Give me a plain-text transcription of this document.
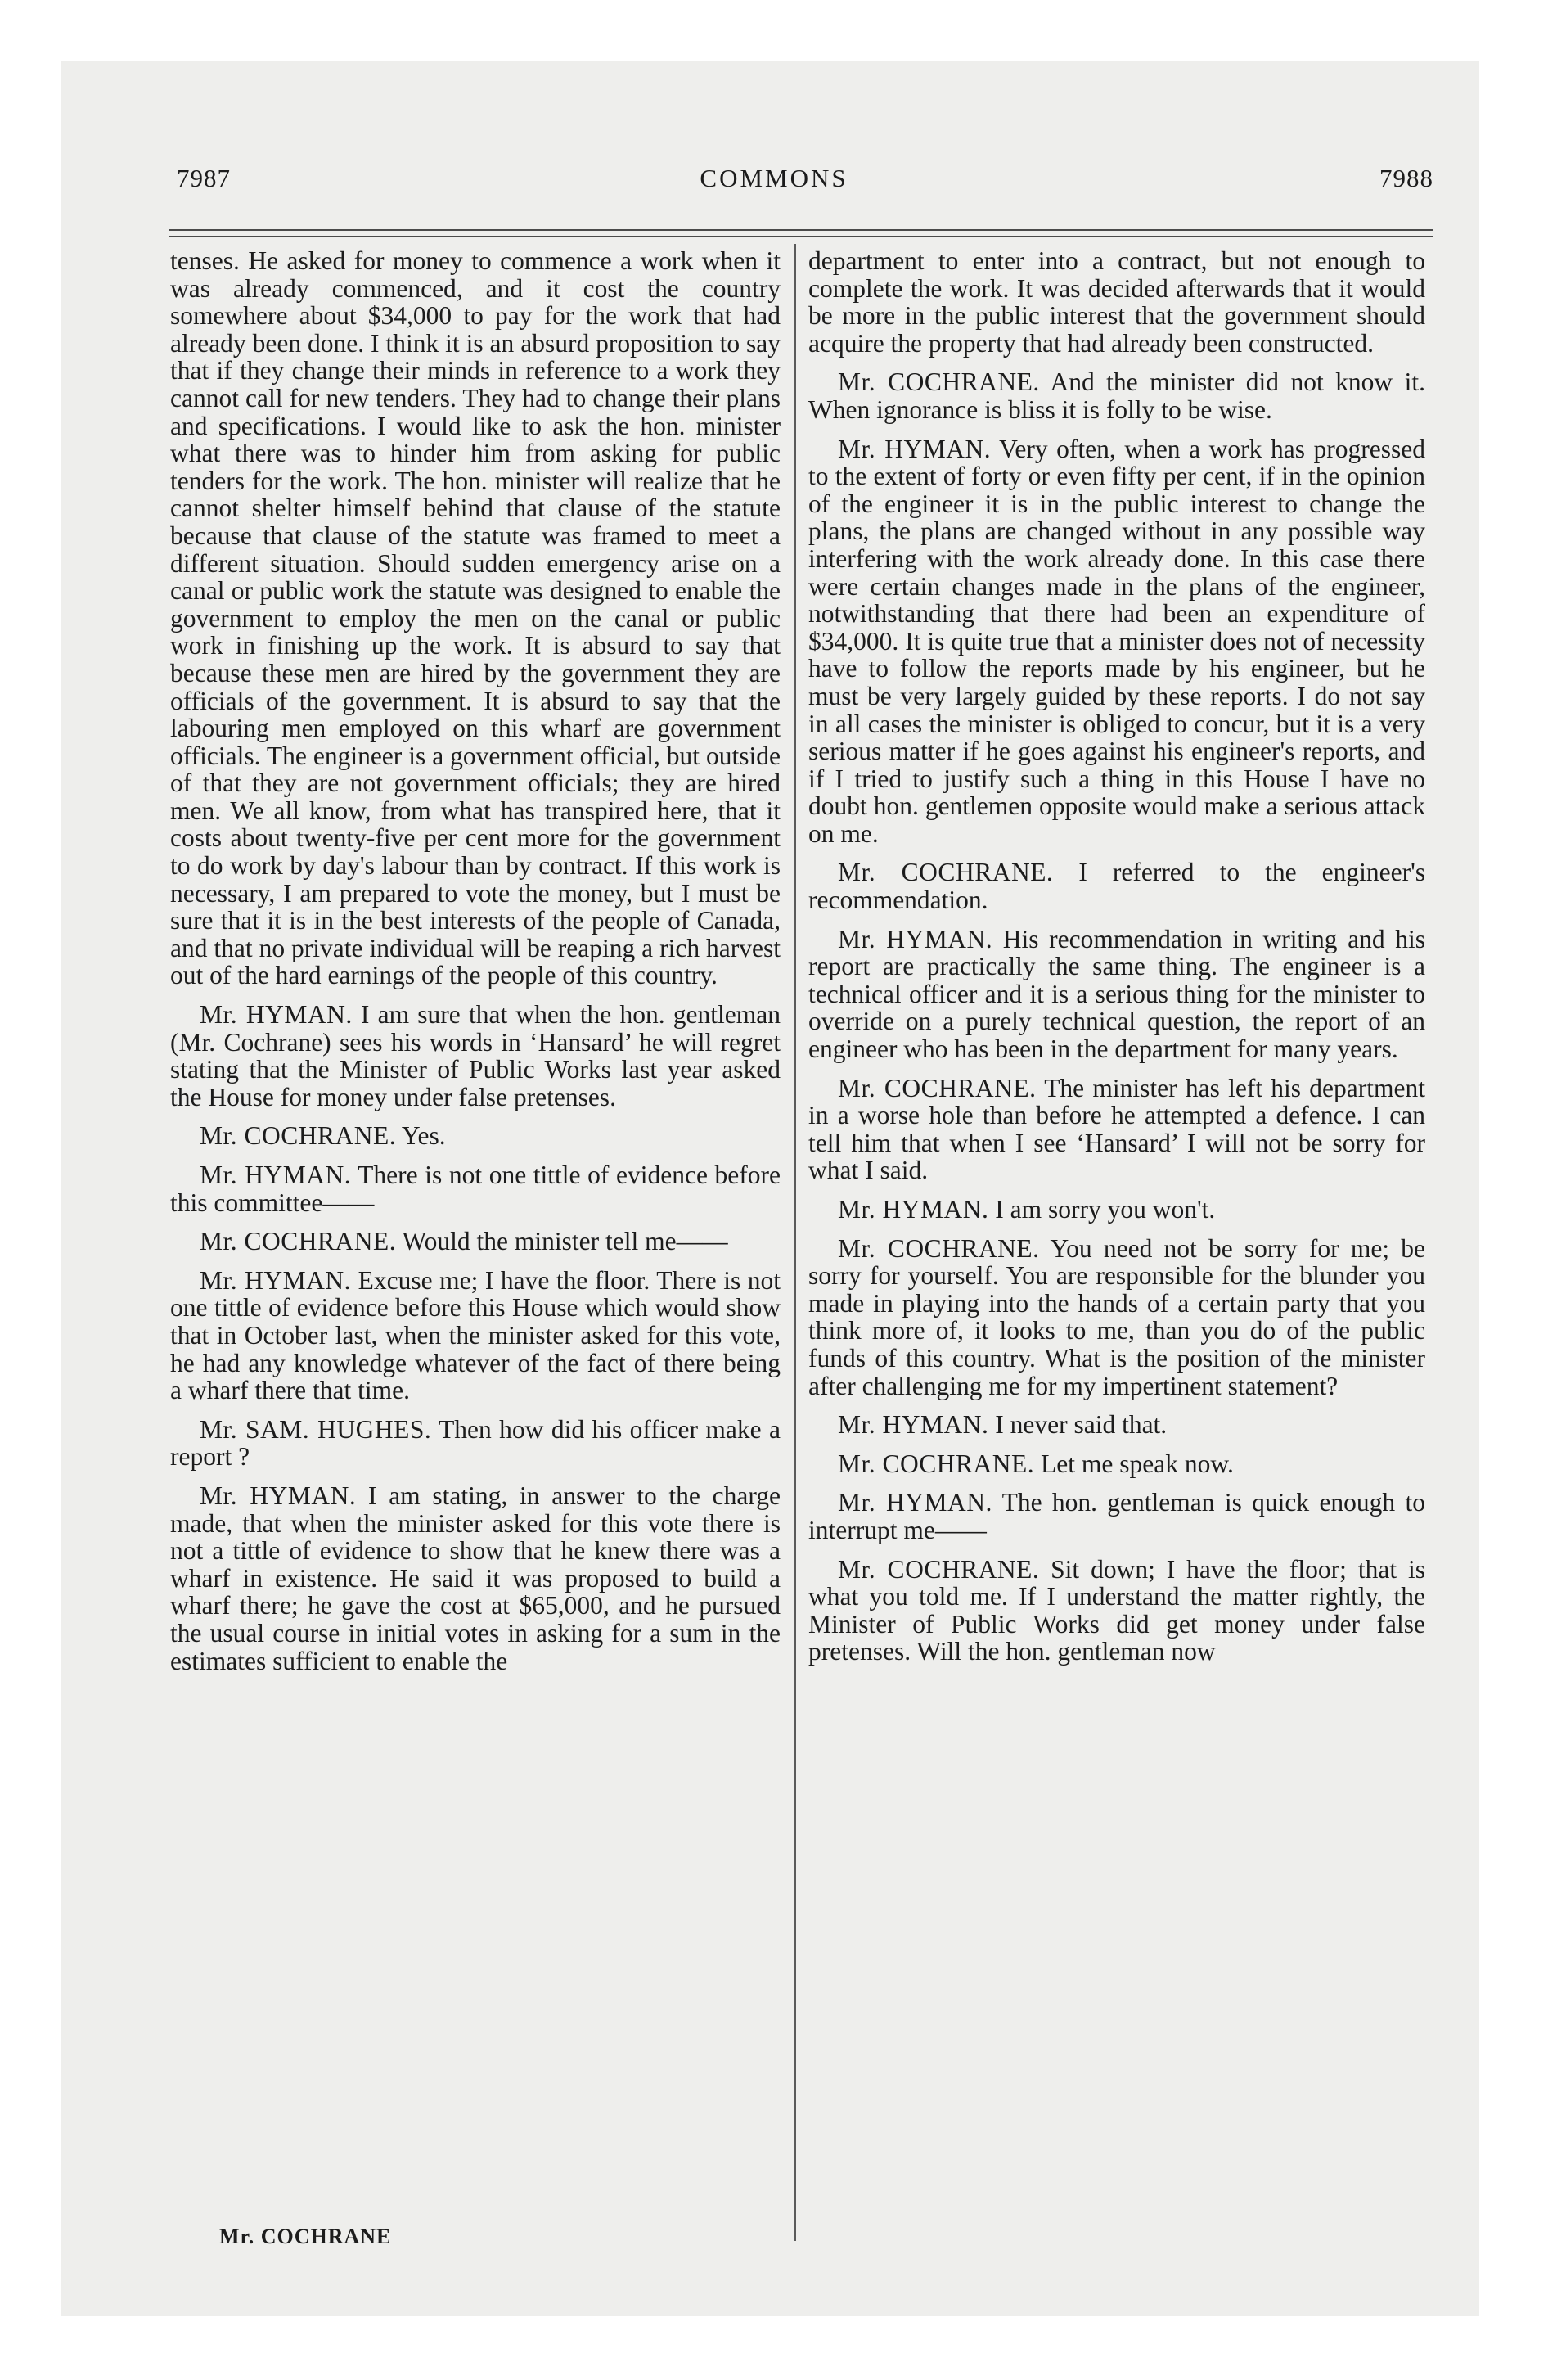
7987	COMMONS	7988

tenses. He asked for money to commence a work when it was already commenced, and it cost the country somewhere about $34,000 to pay for the work that had already been done. I think it is an absurd proposition to say that if they change their minds in reference to a work they cannot call for new tenders. They had to change their plans and specifications. I would like to ask the hon. minister what there was to hinder him from asking for public tenders for the work. The hon. minister will realize that he cannot shelter himself behind that clause of the statute because that clause of the statute was framed to meet a different situation. Should sudden emergency arise on a canal or public work the statute was designed to enable the government to employ the men on the canal or public work in finishing up the work. It is absurd to say that because these men are hired by the government they are officials of the government. It is absurd to say that the labouring men employed on this wharf are government officials. The engineer is a government official, but outside of that they are not government officials; they are hired men. We all know, from what has transpired here, that it costs about twenty-five per cent more for the government to do work by day's labour than by contract. If this work is necessary, I am prepared to vote the money, but I must be sure that it is in the best interests of the people of Canada, and that no private individual will be reaping a rich harvest out of the hard earnings of the people of this country.

Mr. HYMAN. I am sure that when the hon. gentleman (Mr. Cochrane) sees his words in ‘Hansard’ he will regret stating that the Minister of Public Works last year asked the House for money under false pretenses.

Mr. COCHRANE. Yes.

Mr. HYMAN. There is not one tittle of evidence before this committee——

Mr. COCHRANE. Would the minister tell me——

Mr. HYMAN. Excuse me; I have the floor. There is not one tittle of evidence before this House which would show that in October last, when the minister asked for this vote, he had any knowledge whatever of the fact of there being a wharf there that time.

Mr. SAM. HUGHES. Then how did his officer make a report ?

Mr. HYMAN. I am stating, in answer to the charge made, that when the minister asked for this vote there is not a tittle of evidence to show that he knew there was a wharf in existence. He said it was proposed to build a wharf there; he gave the cost at $65,000, and he pursued the usual course in initial votes in asking for a sum in the estimates sufficient to enable the

department to enter into a contract, but not enough to complete the work. It was decided afterwards that it would be more in the public interest that the government should acquire the property that had already been constructed.

Mr. COCHRANE. And the minister did not know it. When ignorance is bliss it is folly to be wise.

Mr. HYMAN. Very often, when a work has progressed to the extent of forty or even fifty per cent, if in the opinion of the engineer it is in the public interest to change the plans, the plans are changed without in any possible way interfering with the work already done. In this case there were certain changes made in the plans of the engineer, notwithstanding that there had been an expenditure of $34,000. It is quite true that a minister does not of necessity have to follow the reports made by his engineer, but he must be very largely guided by these reports. I do not say in all cases the minister is obliged to concur, but it is a very serious matter if he goes against his engineer's reports, and if I tried to justify such a thing in this House I have no doubt hon. gentlemen opposite would make a serious attack on me.

Mr. COCHRANE. I referred to the engineer's recommendation.

Mr. HYMAN. His recommendation in writing and his report are practically the same thing. The engineer is a technical officer and it is a serious thing for the minister to override on a purely technical question, the report of an engineer who has been in the department for many years.

Mr. COCHRANE. The minister has left his department in a worse hole than before he attempted a defence. I can tell him that when I see ‘Hansard’ I will not be sorry for what I said.

Mr. HYMAN. I am sorry you won't.

Mr. COCHRANE. You need not be sorry for me; be sorry for yourself. You are responsible for the blunder you made in playing into the hands of a certain party that you think more of, it looks to me, than you do of the public funds of this country. What is the position of the minister after challenging me for my impertinent statement?

Mr. HYMAN. I never said that.

Mr. COCHRANE. Let me speak now.

Mr. HYMAN. The hon. gentleman is quick enough to interrupt me——

Mr. COCHRANE. Sit down; I have the floor; that is what you told me. If I understand the matter rightly, the Minister of Public Works did get money under false pretenses. Will the hon. gentleman now

Mr. COCHRANE
